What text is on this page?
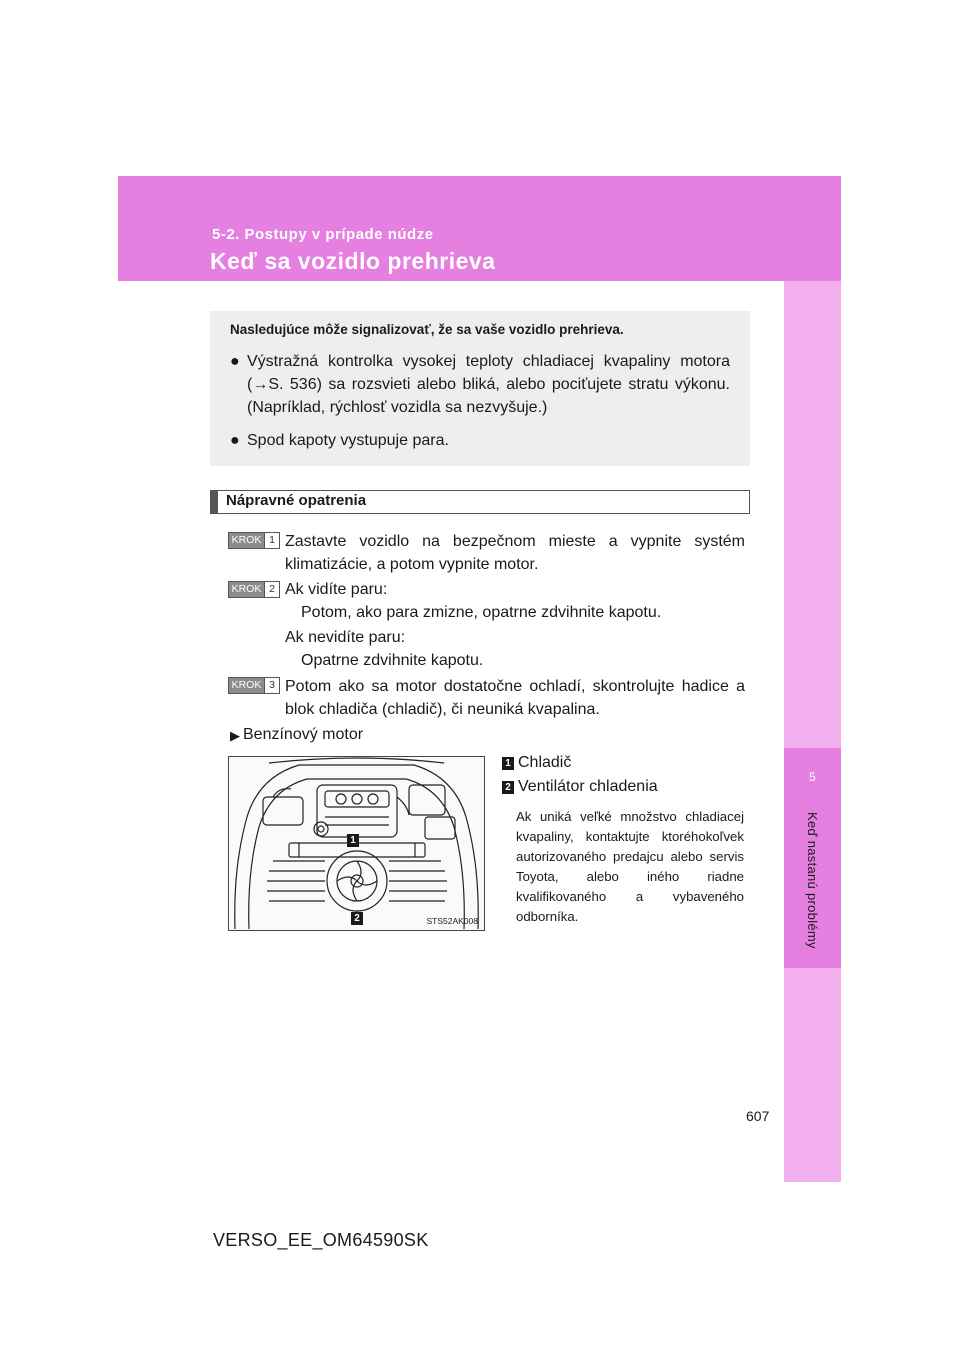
5-2. Postupy v prípade núdze
Keď sa vozidlo prehrieva
5
Keď nastanú problémy
Nasledujúce môže signalizovať, že sa vaše vozidlo prehrieva.
● Výstražná kontrolka vysokej teploty chladiacej kvapaliny motora (→S. 536) sa rozsvieti alebo bliká, alebo pociťujete stratu výkonu. (Napríklad, rýchlosť vozidla sa nezvyšuje.)
● Spod kapoty vystupuje para.
Nápravné opatrenia
KROK 1 Zastavte vozidlo na bezpečnom mieste a vypnite systém klimatizácie, a potom vypnite motor.
KROK 2 Ak vidíte paru:
Potom, ako para zmizne, opatrne zdvihnite kapotu.
Ak nevidíte paru:
Opatrne zdvihnite kapotu.
KROK 3 Potom ako sa motor dostatočne ochladí, skontrolujte hadice a blok chladiča (chladič), či neuniká kvapalina.
▶ Benzínový motor
1
2	STS52AK008
1 Chladič
2 Ventilátor chladenia
Ak uniká veľké množstvo chladiacej kvapaliny, kontaktujte ktoréhokoľvek autorizovaného predajcu alebo servis Toyota, alebo iného riadne kvalifikovaného a vybaveného odborníka.
607
VERSO_EE_OM64590SK
